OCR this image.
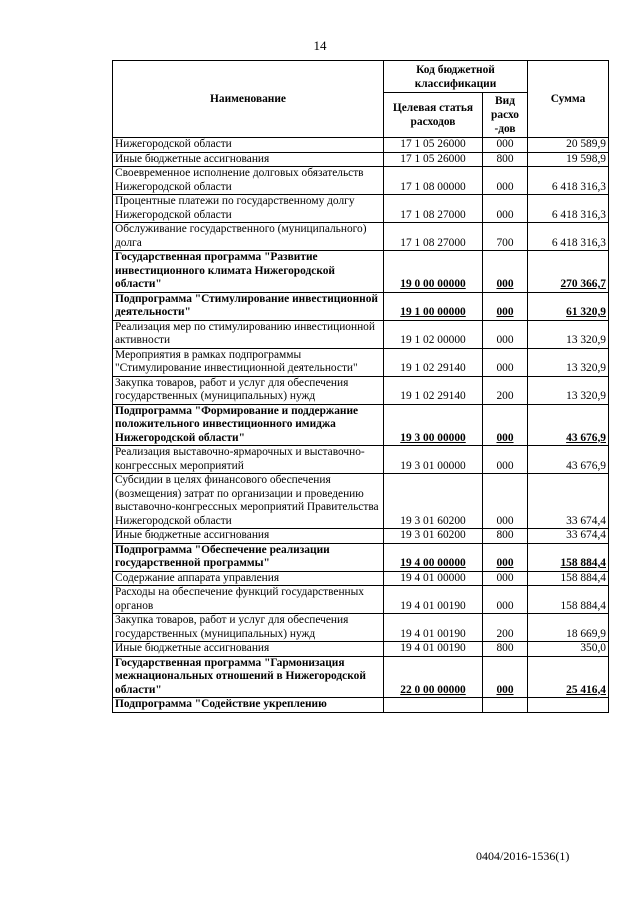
14
Наименование	Код бюджетной классификации		Сумма
	Целевая статья расходов	Вид расхо -дов	
Нижегородской области	17 1 05 26000	000	20 589,9
Иные бюджетные ассигнования	17 1 05 26000	800	19 598,9
Своевременное исполнение долговых обязательств Нижегородской области	17 1 08 00000	000	6 418 316,3
Процентные платежи по государственному долгу Нижегородской области	17 1 08 27000	000	6 418 316,3
Обслуживание государственного (муниципального) долга	17 1 08 27000	700	6 418 316,3
Государственная программа "Развитие инвестиционного климата Нижегородской области"	19 0 00 00000	000	270 366,7
Подпрограмма "Стимулирование инвестиционной деятельности"	19 1 00 00000	000	61 320,9
Реализация мер по стимулированию инвестиционной активности	19 1 02 00000	000	13 320,9
Мероприятия в рамках подпрограммы "Стимулирование инвестиционной деятельности"	19 1 02 29140	000	13 320,9
Закупка товаров, работ и услуг для обеспечения государственных (муниципальных) нужд	19 1 02 29140	200	13 320,9
Подпрограмма "Формирование и поддержание положительного инвестиционного имиджа Нижегородской области"	19 3 00 00000	000	43 676,9
Реализация выставочно-ярмарочных и выставочно-конгрессных мероприятий	19 3 01 00000	000	43 676,9
Субсидии в целях финансового обеспечения (возмещения) затрат по организации и проведению выставочно-конгрессных мероприятий Правительства Нижегородской области	19 3 01 60200	000	33 674,4
Иные бюджетные ассигнования	19 3 01 60200	800	33 674,4
Подпрограмма "Обеспечение реализации государственной программы"	19 4 00 00000	000	158 884,4
Содержание аппарата управления	19 4 01 00000	000	158 884,4
Расходы на обеспечение функций государственных органов	19 4 01 00190	000	158 884,4
Закупка товаров, работ и услуг для обеспечения государственных (муниципальных) нужд	19 4 01 00190	200	18 669,9
Иные бюджетные ассигнования	19 4 01 00190	800	350,0
Государственная программа "Гармонизация межнациональных отношений в Нижегородской области"	22 0 00 00000	000	25 416,4
Подпрограмма "Содействие укреплению			
0404/2016-1536(1)
